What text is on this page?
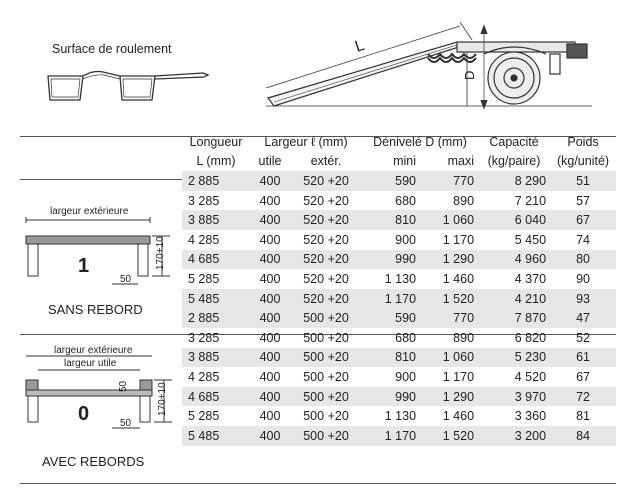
Surface de roulement	L
D
largeur extérieure
170+10
50
1
SANS REBORD
largeur extérieure
largeur utile
170+10
50
50
0
AVEC REBORDS
	Longueur	Largeur ℓ (mm)		Dénivelé D (mm)		Capacité	Poids
	L (mm)	utile	extér.	mini	maxi	(kg/paire)	(kg/unité)
	2 885	400	520 +20	590	770	8 290	51
	3 285	400	520 +20	680	890	7 210	57
	3 885	400	520 +20	810	1 060	6 040	67
	4 285	400	520 +20	900	1 170	5 450	74
	4 685	400	520 +20	990	1 290	4 960	80
	5 285	400	520 +20	1 130	1 460	4 370	90
	5 485	400	520 +20	1 170	1 520	4 210	93
	2 885	400	500 +20	590	770	7 870	47
	3 285	400	500 +20	680	890	6 820	52
	3 885	400	500 +20	810	1 060	5 230	61
	4 285	400	500 +20	900	1 170	4 520	67
	4 685	400	500 +20	990	1 290	3 970	72
	5 285	400	500 +20	1 130	1 460	3 360	81
	5 485	400	500 +20	1 170	1 520	3 200	84
